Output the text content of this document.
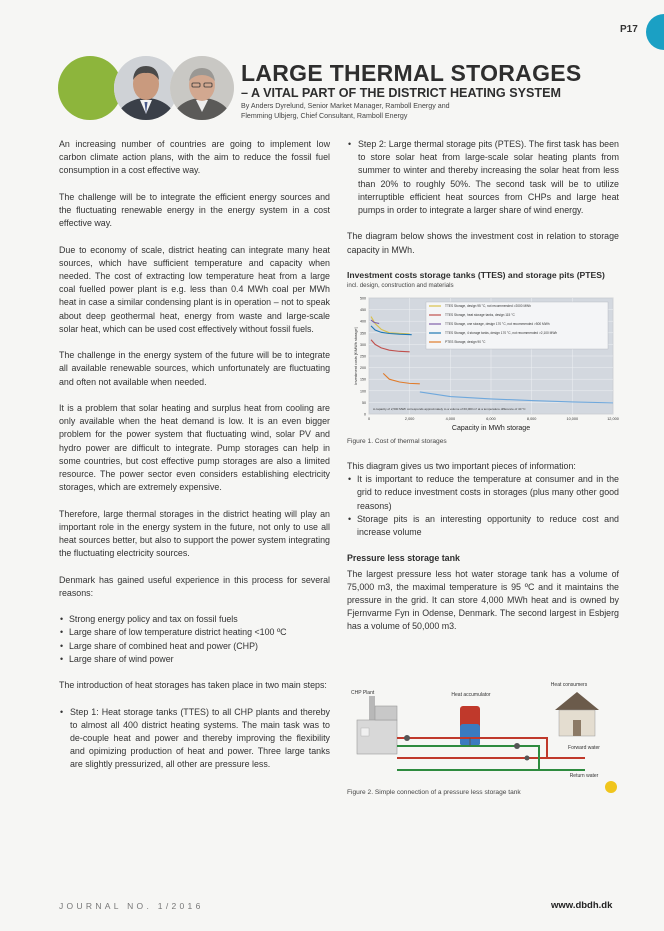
P17
LARGE THERMAL STORAGES
– A VITAL PART OF THE DISTRICT HEATING SYSTEM
By Anders Dyrelund, Senior Market Manager, Ramboll Energy and
Flemming Ulbjerg, Chief Consultant, Ramboll Energy

An increasing number of countries are going to implement low carbon climate action plans, with the aim to reduce the fossil fuel consumption in a cost effective way.

The challenge will be to integrate the efficient energy sources and the fluctuating renewable energy in the energy system in a cost effective way.

Due to economy of scale, district heating can integrate many heat sources, which have sufficient temperature and capacity when needed. The cost of extracting low temperature heat from a large coal fuelled power plant is e.g. less than 0.4 MWh coal per MWh heat in case a similar condensing plant is in operation – not to speak about deep geothermal heat, energy from waste and large-scale solar heat, which can be used cost effectively without fossil fuels.

The challenge in the energy system of the future will be to integrate all available renewable sources, which unfortunately are fluctuating and often not available when needed.

It is a problem that solar heating and surplus heat from cooling are only available when the heat demand is low. It is an even bigger problem for the power system that fluctuating wind, solar PV and hydro power are difficult to integrate. Pump storages can help in some countries, but cost effective pump storages are also a limited resource. The power sector even considers establishing electricity storages, which are extremely expensive.

Therefore, large thermal storages in the district heating will play an important role in the energy system in the future, not only to use all heat sources better, but also to support the power system integrating the fluctuating electricity sources.

Denmark has gained useful experience in this process for several reasons:

• Strong energy policy and tax on fossil fuels
• Large share of low temperature district heating <100 ºC
• Large share of combined heat and power (CHP)
• Large share of wind power

The introduction of heat storages has taken place in two main steps:

• Step 1: Heat storage tanks (TTES) to all CHP plants and thereby to almost all 400 district heating systems. The main task was to de-couple heat and power and thereby improving the flexibility and opimizing production of heat and power. Three large tanks are slightly pressurized, all other are pressure less.
• Step 2: Large thermal storage pits (PTES). The first task has been to store solar heat from large-scale solar heating plants from summer to winter and thereby increasing the solar heat from less than 20% to roughly 50%. The second task will be to utilize interruptible efficient heat sources from CHPs and large heat pumps in order to integrate a larger share of wind energy.

The diagram below shows the investment cost in relation to storage capacity in MWh.

Investment costs storage tanks (TTES) and storage pits (PTES)
incl. design, construction and materials
0
50
100
150
200
250
300
350
400
450
500
0	2,000	4,000	6,000	8,000	10,000	12,000
Investment costs [€/MWh storage]
Capacity in MWh storage
TTES Storage, design 95 °C, not recommended >2000 MWh
TTES Storage, heat storage tanks, design 115 °C
TTES Storage, one storage, design 170 °C, not recommended >500 MWh
TTES Storage, 4 storage tanks, design 170 °C, not recommended >2,100 MWh
PTES Storage, design 90 °C
A capacity of 2,500 MWh corresponds approximately to a volume of 60,000 m³ at a temperature difference of 40 °C
Figure 1. Cost of thermal storages

This diagram gives us two important pieces of information:

• It is important to reduce the temperature at consumer and in the grid to reduce investment costs in storages (plus many other good reasons)
• Storage pits is an interesting opportunity to reduce cost and increase volume
Pressure less storage tank

The largest pressure less hot water storage tank has a volume of 75,000 m3, the maximal temperature is 95 ºC and it maintains the pressure in the grid. It can store 4,000 MWh heat and is owned by Fjernvarme Fyn in Odense, Denmark. The second largest in Esbjerg has a volume of 50,000 m3.

CHP Plant	Heat accumulator
Heat consumers
Forward water
Return water
Figure 2. Simple connection of a pressure less storage tank
JOURNAL NO. 1/2016	www.dbdh.dk
